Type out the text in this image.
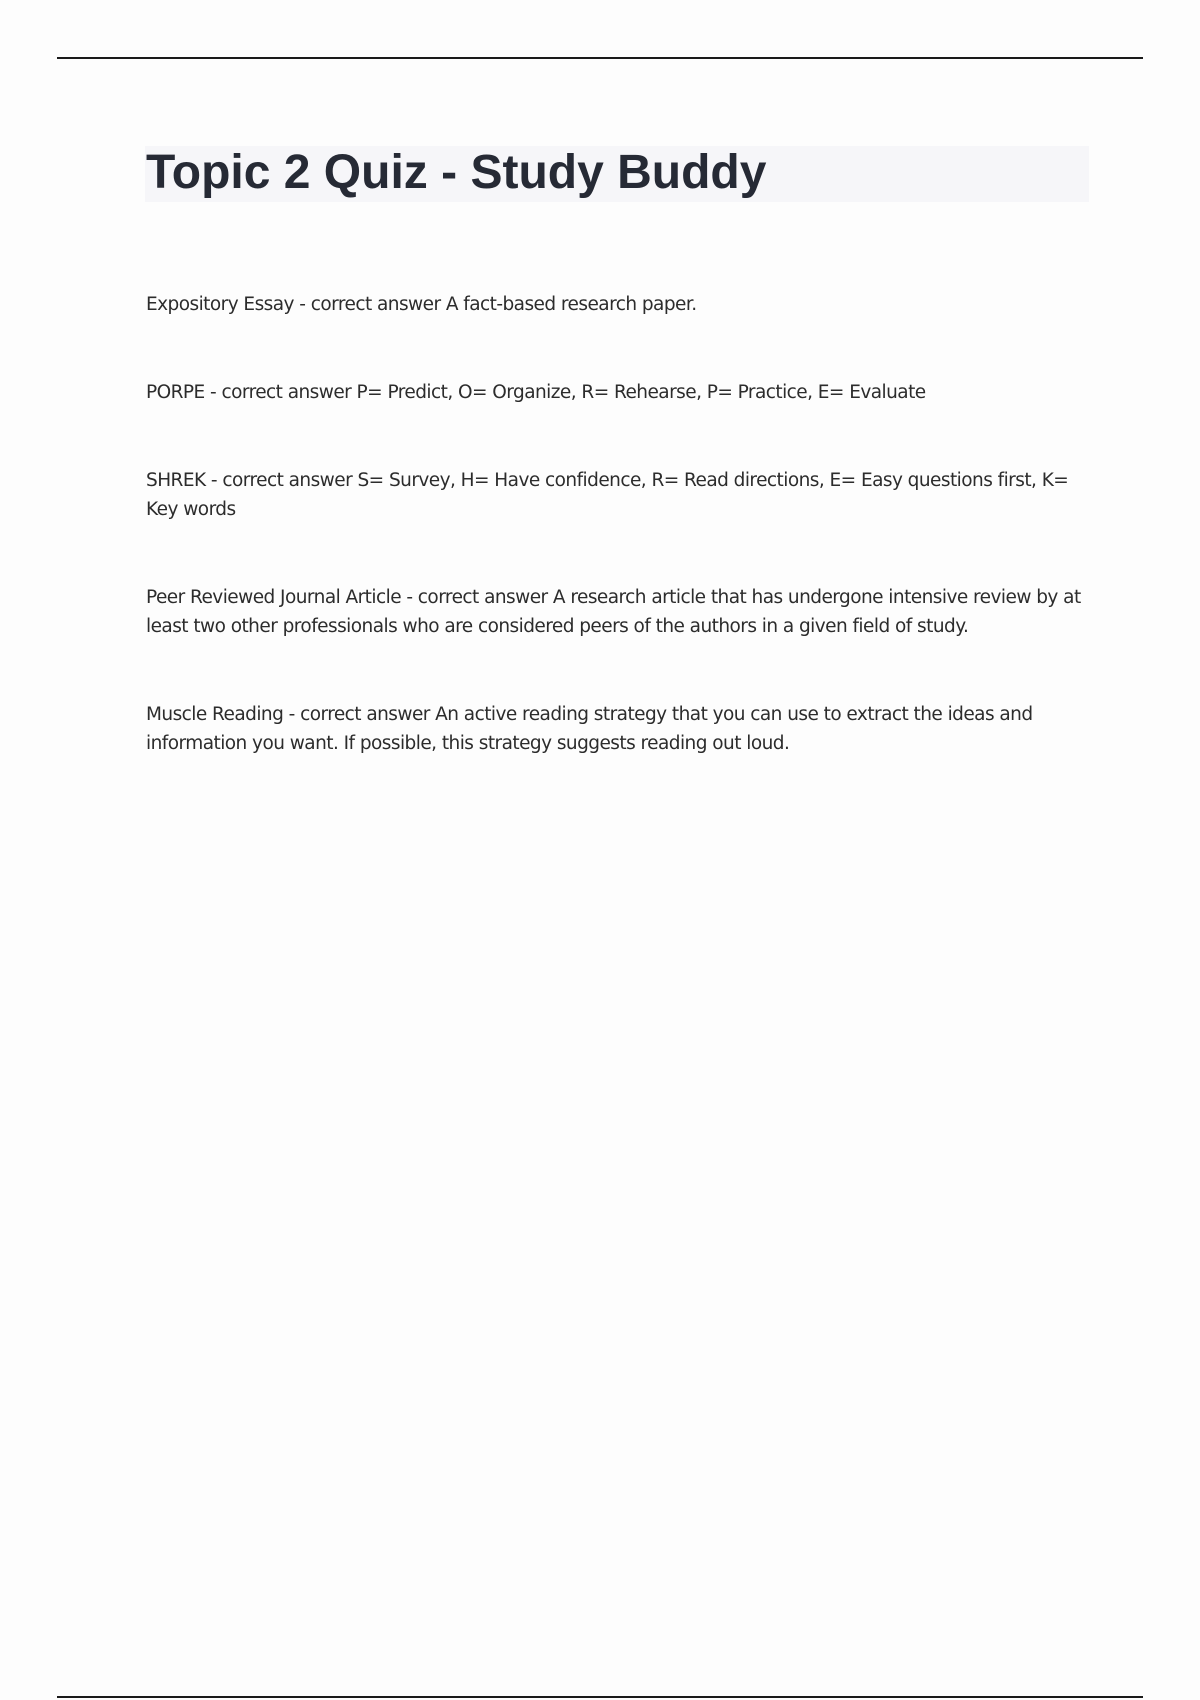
Topic 2 Quiz - Study Buddy

Expository Essay - correct answer A fact-based research paper.

PORPE - correct answer P= Predict, O= Organize, R= Rehearse, P= Practice, E= Evaluate

SHREK - correct answer S= Survey, H= Have confidence, R= Read directions, E= Easy questions first, K= Key words

Peer Reviewed Journal Article - correct answer A research article that has undergone intensive review by at least two other professionals who are considered peers of the authors in a given field of study.

Muscle Reading - correct answer An active reading strategy that you can use to extract the ideas and information you want. If possible, this strategy suggests reading out loud.
